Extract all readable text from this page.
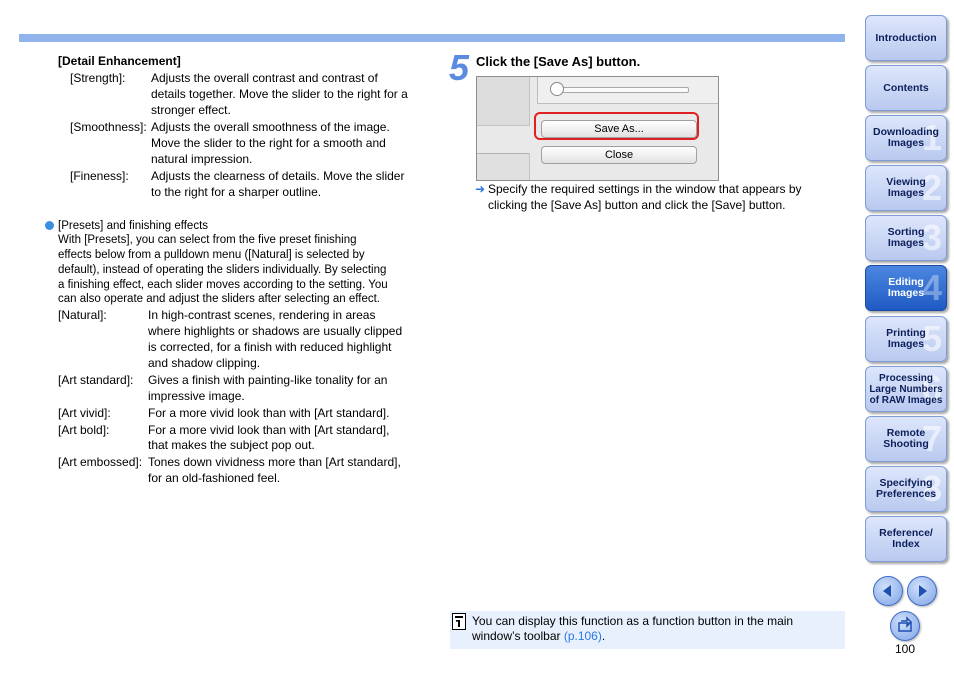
[Detail Enhancement]
[Strength]: Adjusts the overall contrast and contrast of
details together. Move the slider to the right for a
stronger effect.
[Smoothness]: Adjusts the overall smoothness of the image.
Move the slider to the right for a smooth and
natural impression.
[Fineness]: Adjusts the clearness of details. Move the slider
to the right for a sharper outline.
[Presets] and finishing effects
With [Presets], you can select from the five preset finishing
effects below from a pulldown menu ([Natural] is selected by
default), instead of operating the sliders individually. By selecting
a finishing effect, each slider moves according to the setting. You
can also operate and adjust the sliders after selecting an effect.
[Natural]:	In high-contrast scenes, rendering in areas
where highlights or shadows are usually clipped
is corrected, for a finish with reduced highlight
and shadow clipping.
[Art standard]: Gives a finish with painting-like tonality for an
impressive image.
[Art vivid]:	For a more vivid look than with [Art standard].
[Art bold]:	For a more vivid look than with [Art standard],
that makes the subject pop out.
[Art embossed]: Tones down vividness more than [Art standard],
for an old-fashioned feel.
5 Click the [Save As] button.
Save As...
Close
➜ Specify the required settings in the window that appears by
clicking the [Save As] button and click the [Save] button.
You can display this function as a function button in the main
window’s toolbar (p.106).
Introduction
Contents
1
Downloading
Images
2
Viewing
Images
3
Sorting
Images
4
Editing
Images
5
Printing
Images
6
Processing
Large Numbers
of RAW Images
7
Remote
Shooting
8
Specifying
Preferences
Reference/
Index
100
